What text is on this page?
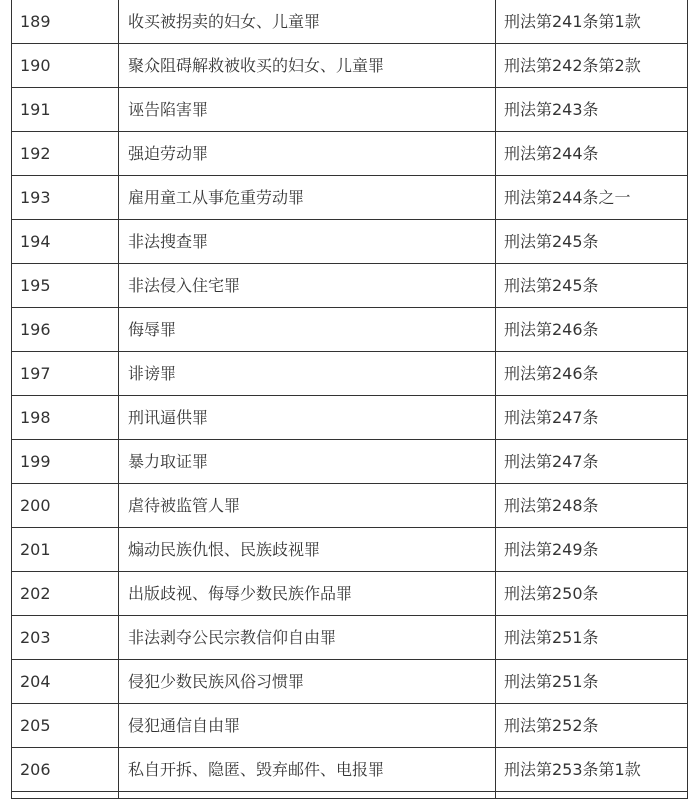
189	收买被拐卖的妇女、儿童罪	刑法第241条第1款
190	聚众阻碍解救被收买的妇女、儿童罪	刑法第242条第2款
191	诬告陷害罪	刑法第243条
192	强迫劳动罪	刑法第244条
193	雇用童工从事危重劳动罪	刑法第244条之一
194	非法搜查罪	刑法第245条
195	非法侵入住宅罪	刑法第245条
196	侮辱罪	刑法第246条
197	诽谤罪	刑法第246条
198	刑讯逼供罪	刑法第247条
199	暴力取证罪	刑法第247条
200	虐待被监管人罪	刑法第248条
201	煽动民族仇恨、民族歧视罪	刑法第249条
202	出版歧视、侮辱少数民族作品罪	刑法第250条
203	非法剥夺公民宗教信仰自由罪	刑法第251条
204	侵犯少数民族风俗习惯罪	刑法第251条
205	侵犯通信自由罪	刑法第252条
206	私自开拆、隐匿、毁弃邮件、电报罪	刑法第253条第1款
